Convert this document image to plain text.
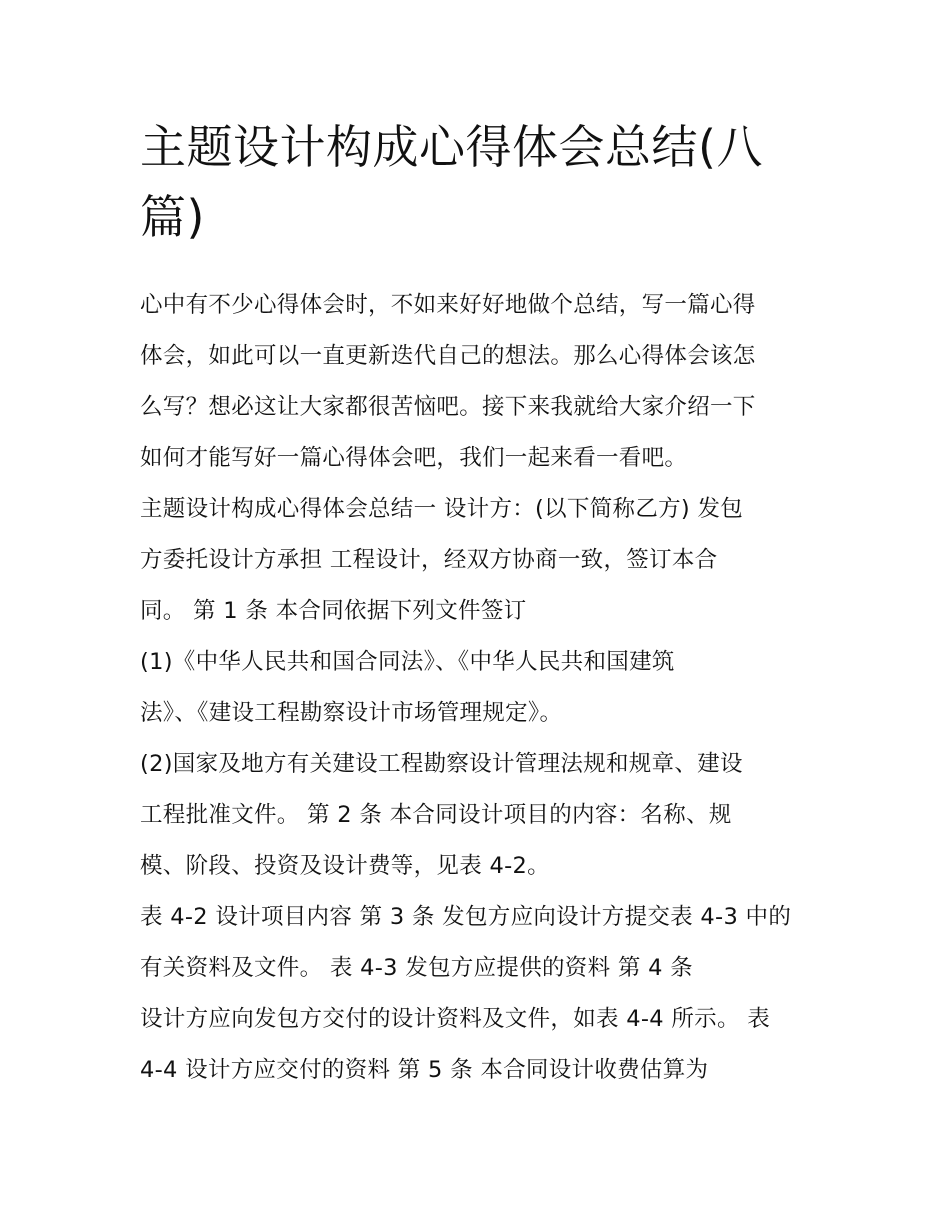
主题设计构成心得体会总结(八
篇)
心中有不少心得体会时，不如来好好地做个总结，写一篇心得
体会，如此可以一直更新迭代自己的想法。那么心得体会该怎
么写？想必这让大家都很苦恼吧。接下来我就给大家介绍一下
如何才能写好一篇心得体会吧，我们一起来看一看吧。
主题设计构成心得体会总结一 设计方：(以下简称乙方) 发包
方委托设计方承担 工程设计，经双方协商一致，签订本合
同。 第 1 条 本合同依据下列文件签订
(1)《中华人民共和国合同法》、《中华人民共和国建筑
法》、《建设工程勘察设计市场管理规定》。
(2)国家及地方有关建设工程勘察设计管理法规和规章、建设
工程批准文件。 第 2 条 本合同设计项目的内容：名称、规
模、阶段、投资及设计费等，见表 4-2。
表 4-2 设计项目内容 第 3 条 发包方应向设计方提交表 4-3 中的
有关资料及文件。 表 4-3 发包方应提供的资料 第 4 条
设计方应向发包方交付的设计资料及文件，如表 4-4 所示。 表
4-4 设计方应交付的资料 第 5 条 本合同设计收费估算为
